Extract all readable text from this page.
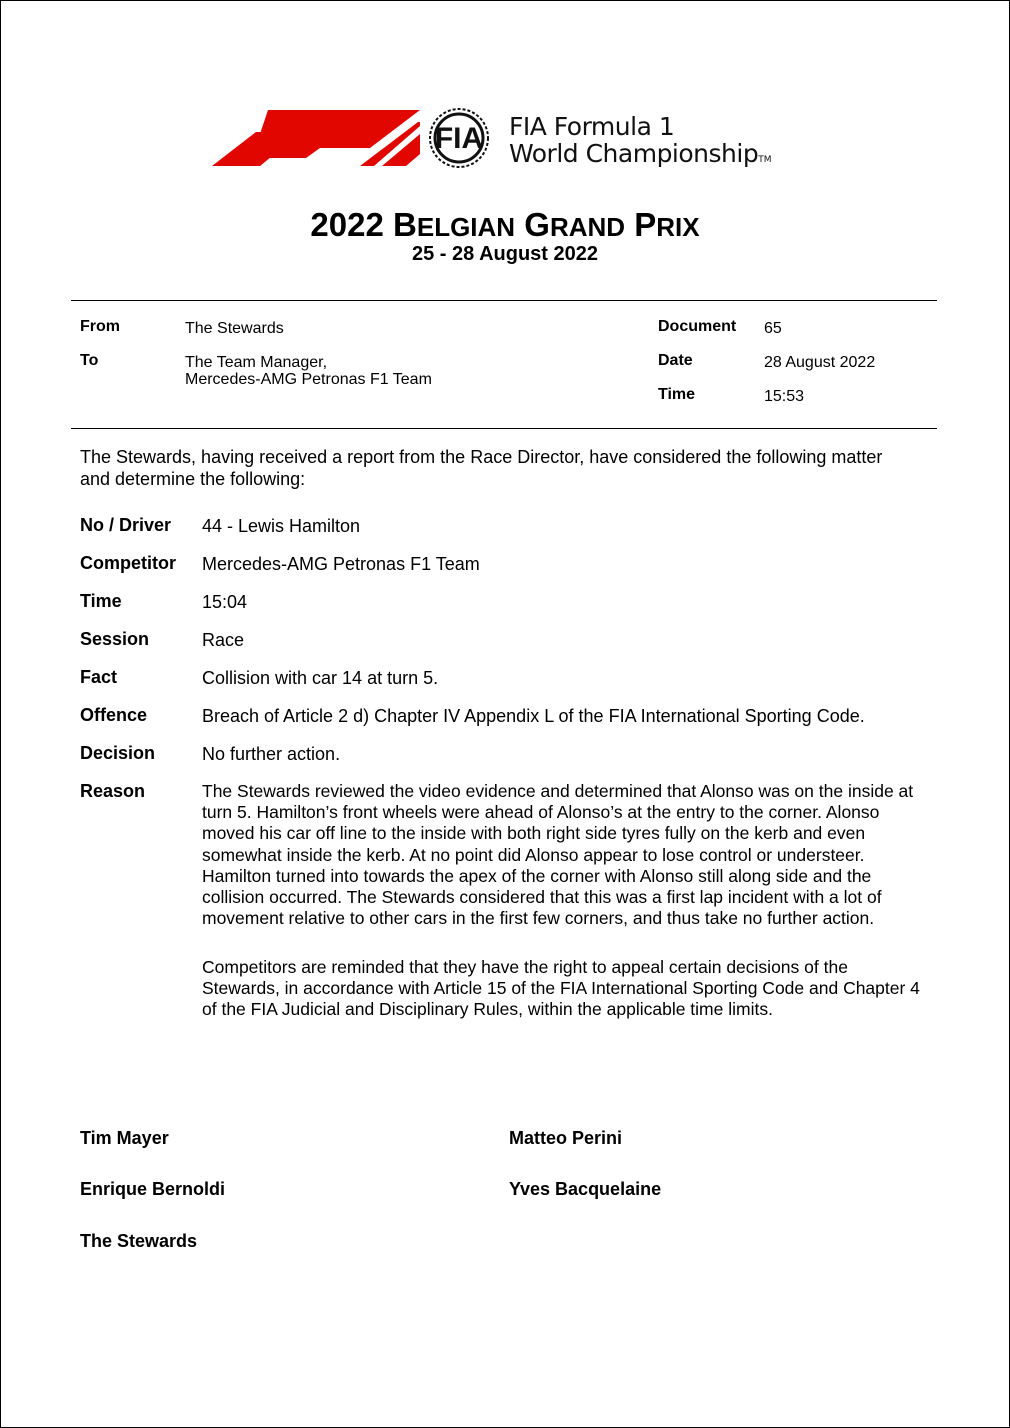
FIA FIA Formula 1
World ChampionshipTM
2022 BELGIAN GRAND PRIX
25 - 28 August 2022
From	The Stewards
To	The Team Manager,
Mercedes-AMG Petronas F1 Team
Document 65
Date	28 August 2022
Time	15:53
The Stewards, having received a report from the Race Director, have considered the following matter and determine the following:
No / Driver 44 - Lewis Hamilton
Competitor Mercedes-AMG Petronas F1 Team
Time	15:04
Session	Race
Fact	Collision with car 14 at turn 5.
Offence	Breach of Article 2 d) Chapter IV Appendix L of the FIA International Sporting Code.
Decision	No further action.
Reason	The Stewards reviewed the video evidence and determined that Alonso was on the inside at turn 5. Hamilton’s front wheels were ahead of Alonso’s at the entry to the corner. Alonso moved his car off line to the inside with both right side tyres fully on the kerb and even somewhat inside the kerb. At no point did Alonso appear to lose control or understeer. Hamilton turned into towards the apex of the corner with Alonso still along side and the collision occurred. The Stewards considered that this was a first lap incident with a lot of movement relative to other cars in the first few corners, and thus take no further action.
Competitors are reminded that they have the right to appeal certain decisions of the Stewards, in accordance with Article 15 of the FIA International Sporting Code and Chapter 4 of the FIA Judicial and Disciplinary Rules, within the applicable time limits.
Tim Mayer	Matteo Perini
Enrique Bernoldi	Yves Bacquelaine
The Stewards
